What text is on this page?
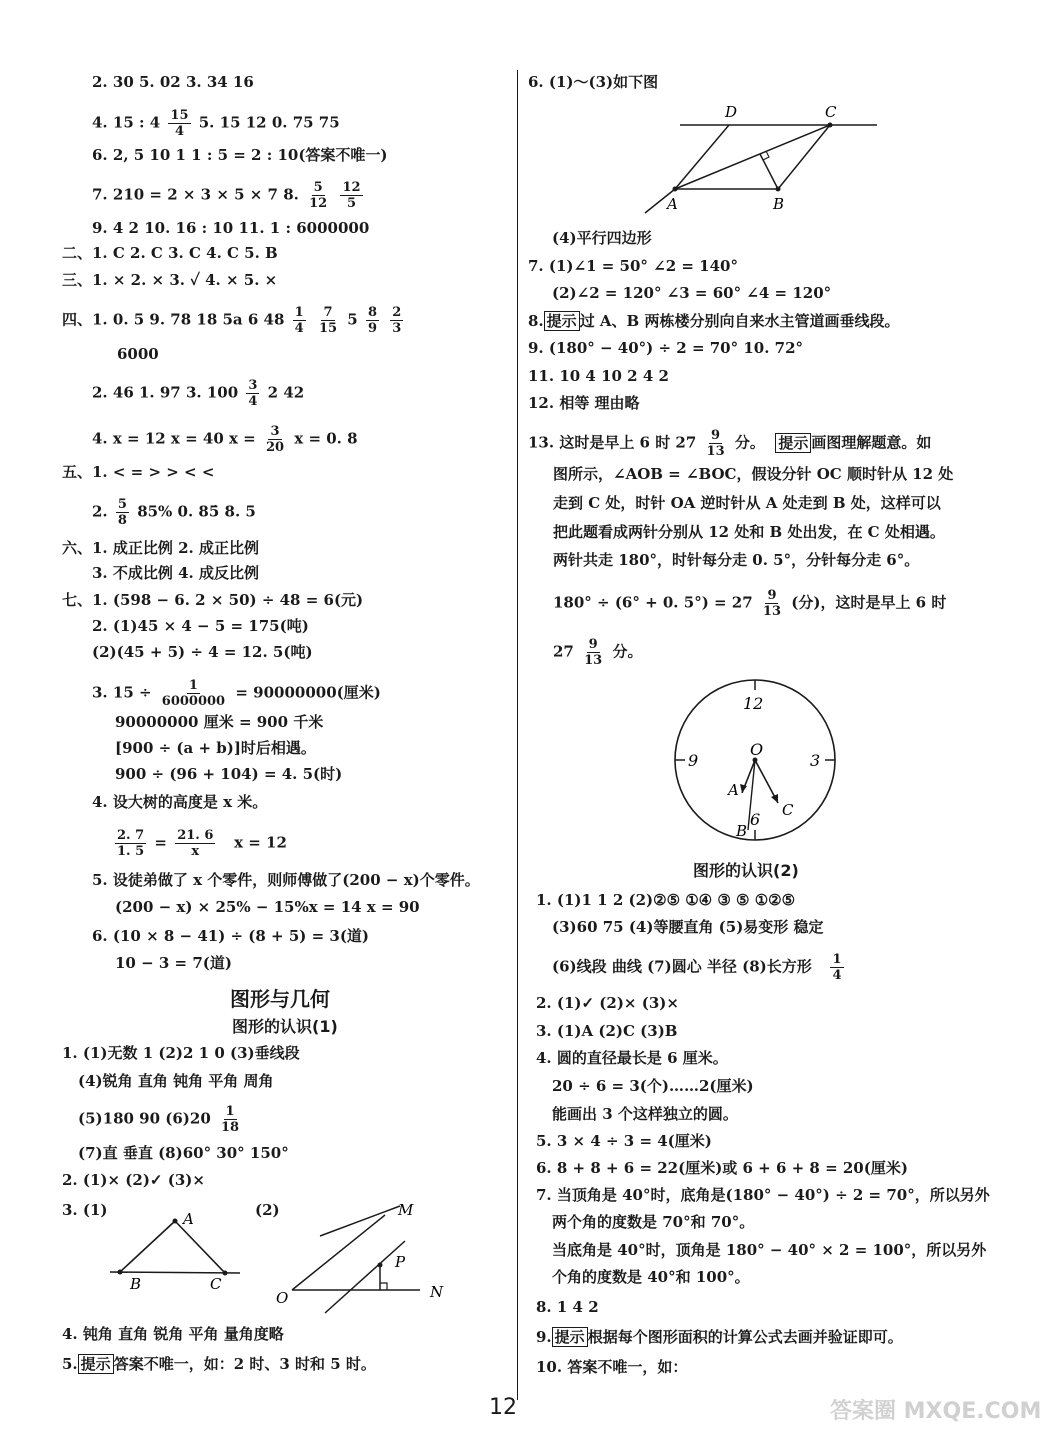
2. 30 5. 02 3. 34 16
4. 15 : $4 \frac{15}{4} 5$. 15 12 0. 75 75
6. 2, 5 10 1 1 : 5 = 2 : 10(答案不唯一)
7. 210 = 2 × 3 × 5 × 7 8. $\frac{5}{12}$
$\frac{12}{5}$
9. 4 2 10. 16 : 10 11. 1 : 6000000
二、1. C 2. C 3. C 4. C 5. B
三、1. × 2. × 3. ✓ 4. × 5. ×
四、1. 0. 5 9. 78 18 5a 6 $48 \frac{1}{4}$
$\frac{7}{15} 5 \frac{8}{9}$
$\frac{2}{3}$
6000
2. 46 1. 97 3. $100 \frac{3}{4} 2$ 42
4. x = 12 x = 40 $x = \frac{3}{20}$ x = 0. 8
五、1. < = > > < <
2. $\frac{5}{8} 85\%$ 0. 85̇ 8. 5
六、1. 成正比例 2. 成正比例
3. 不成比例 4. 成反比例
七、1. (598 − 6. 2 × 50) ÷ 48 = 6(元)
2. (1)45 × 4 − 5 = 175(吨)
(2)(45 + 5) ÷ 4 = 12. 5(吨)
3. $15 \div \frac{1}{6000000} = 90000000$(厘米)
90000000 厘米 = 900 千米
[900 ÷ (a + b)]时后相遇。
900 ÷ (96 + 104) = 4. 5(时)
4. 设大树的高度是 x 米。
$\frac{2. 7}{1. 5} = \frac{21. 6}{x}$ x = 12
5. 设徒弟做了 x 个零件，则师傅做了(200 − x)个零件。
(200 − x) × 25% − 15%x = 14 x = 90
6. (10 × 8 − 41) ÷ (8 + 5) = 3(道)
10 − 3 = 7(道)
图形与几何
图形的认识(1)
1. (1)无数 1 (2)2 1 0 (3)垂线段
(4)锐角 直角 钝角 平角 周角
(5)180 90 $(6)20 \frac{1}{18}$
(7)直 垂直 (8)60° 30° 150°
2. (1)× (2)✓ (3)×
3. (1)	(2)
A
B	C
O	N
P
M
4. 钝角 直角 锐角 平角 量角度略
5. 提示 答案不唯一，如：2 时、3 时和 5 时。
6. (1)～(3)如下图
D	C
A	B
(4)平行四边形
7. (1)∠1 = 50° ∠2 = 140°
(2)∠2 = 120° ∠3 = 60° ∠4 = 120°
8. 提示 过 A、B 两栋楼分别向自来水主管道画垂线段。
9. (180° − 40°) ÷ 2 = 70° 10. 72°
11. 10 4 10 2 4 2
12. 相等 理由略
13. 这时是早上 6 时 $27 \frac{9}{13}$ 分。 提示 画图理解题意。如
图所示，∠AOB = ∠BOC，假设分针 OC 顺时针从 12 处
走到 C 处，时针 OA 逆时针从 A 处走到 B 处，这样可以
把此题看成两针分别从 12 处和 B 处出发，在 C 处相遇。
两针共走 180°，时针每分走 0. 5°，分针每分走 6°。
180° ÷ (6° + 0. $5^\circ) = 27 \frac{9}{13}$ (分)，这时是早上 6 时
$27 \frac{9}{13}$ 分。
12
9	3
6
O
A
C
B
图形的认识(2)
1. (1)1 1 2 (2)②⑤ ①④ ③ ⑤ ①②⑤
(3)60 75 (4)等腰直角 (5)易变形 稳定
(6)线段 曲线 (7)圆心 半径 (8)长方形 $\frac{1}{4}$
2. (1)✓ (2)× (3)×
3. (1)A (2)C (3)B
4. 圆的直径最长是 6 厘米。
20 ÷ 6 = 3(个)……2(厘米)
能画出 3 个这样独立的圆。
5. 3 × 4 ÷ 3 = 4(厘米)
6. 8 + 8 + 6 = 22(厘米)或 6 + 6 + 8 = 20(厘米)
7. 当顶角是 40°时，底角是(180° − 40°) ÷ 2 = 70°，所以另外
两个角的度数是 70°和 70°。
当底角是 40°时，顶角是 180° − 40° × 2 = 100°，所以另外
个角的度数是 40°和 100°。
8. 1 4 2
9. 提示 根据每个图形面积的计算公式去画并验证即可。
10. 答案不唯一，如：
12	答案圈 MXQE.COM
